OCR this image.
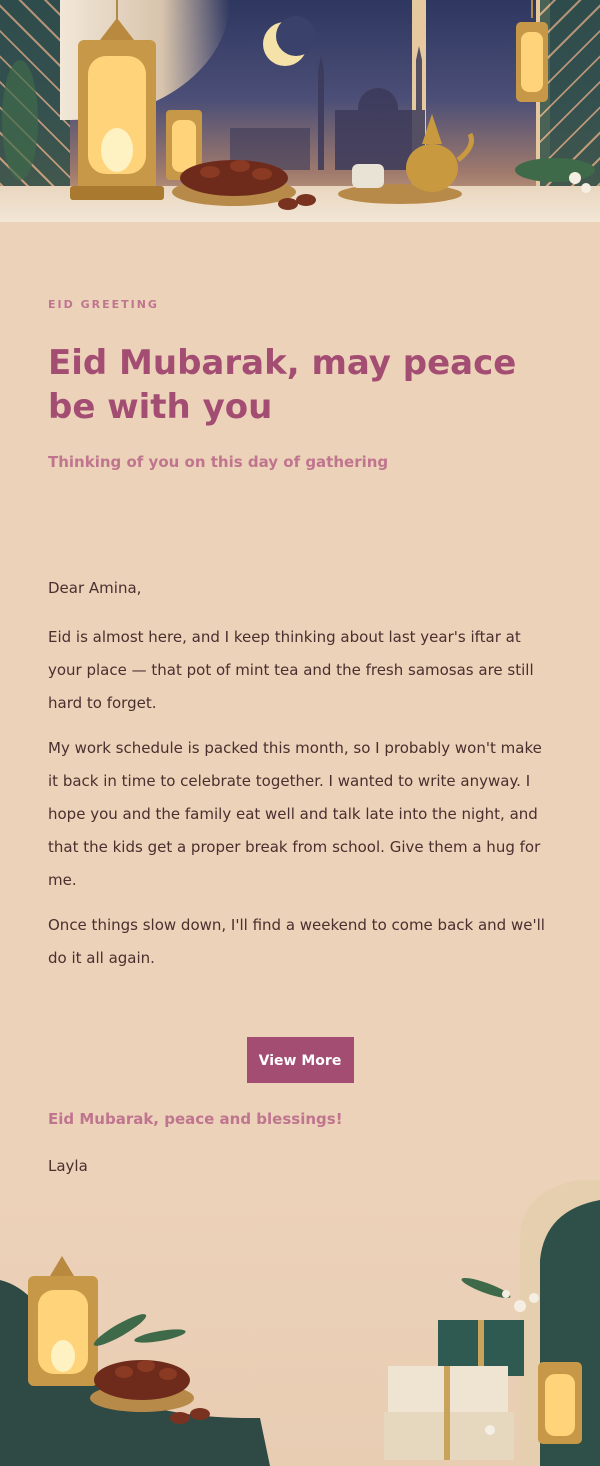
EID GREETING
Eid Mubarak, may peace be with you
Thinking of you on this day of gathering

Dear Amina,

Eid is almost here, and I keep thinking about last year's iftar at your place — that pot of mint tea and the fresh samosas are still hard to forget.

My work schedule is packed this month, so I probably won't make it back in time to celebrate together. I wanted to write anyway. I hope you and the family eat well and talk late into the night, and that the kids get a proper break from school. Give them a hug for me.

Once things slow down, I'll find a weekend to come back and we'll do it all again.

View More
Eid Mubarak, peace and blessings!
Layla
